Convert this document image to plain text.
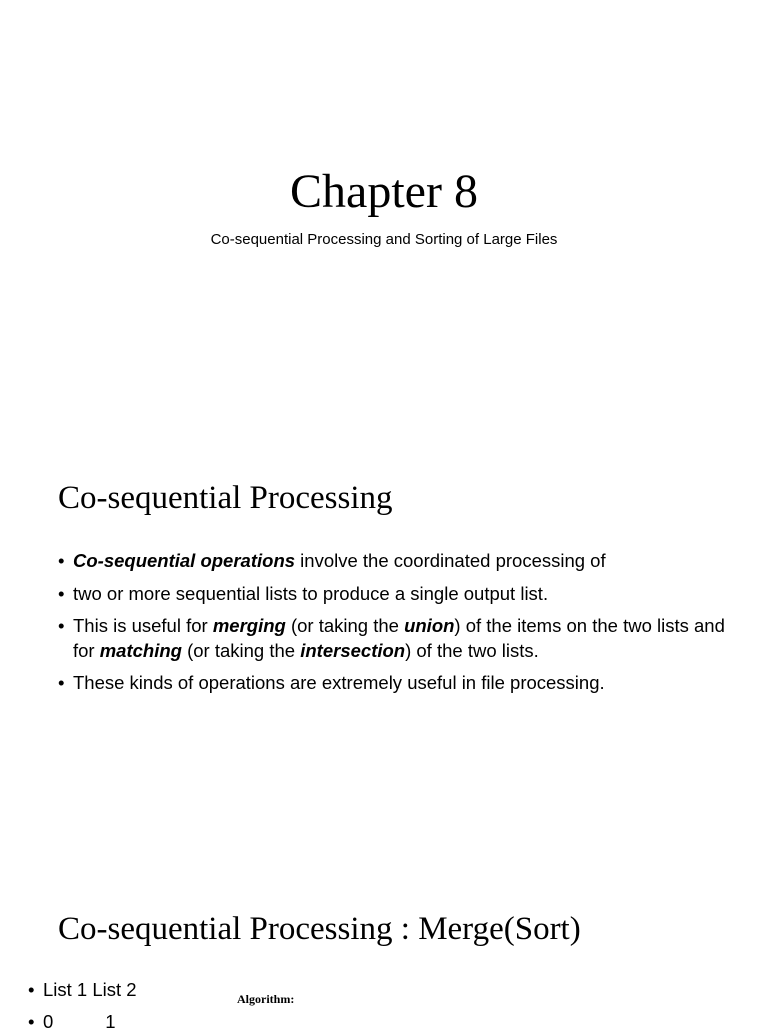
Chapter 8

Co-sequential Processing and Sorting of Large Files

Co-sequential Processing
• Co-sequential operations involve the coordinated processing of
• two or more sequential lists to produce a single output list.
• This is useful for merging (or taking the union) of the items on the two lists and for matching (or taking the intersection) of the two lists.
• These kinds of operations are extremely useful in file processing.
Co-sequential Processing : Merge(Sort)
• List 1 List 2
• 0	1
Algorithm:
